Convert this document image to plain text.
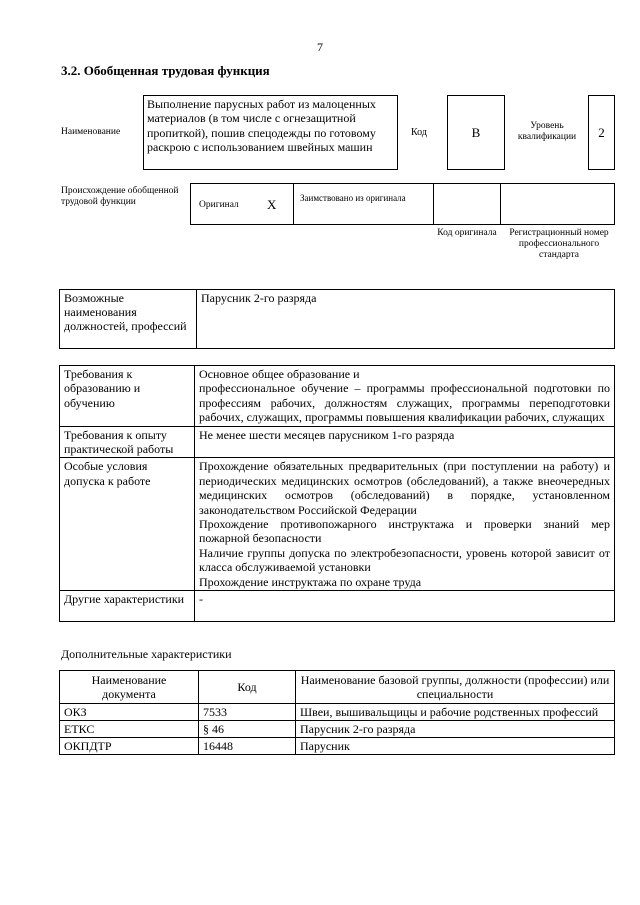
7
3.2. Обобщенная трудовая функция
Наименование
Выполнение парусных работ из малоценных материалов (в том числе с огнезащитной пропиткой), пошив спецодежды по готовому раскрою с использованием швейных машин
Код	В	Уровень квалификации	2
Происхождение обобщенной трудовой функции	Оригинал X	Заимствовано из оригинала
Код оригинала	Регистрационный номер профессионального стандарта
Возможные наименования должностей, профессий	Парусник 2-го разряда
Требования к образованию и обучению	Основное общее образование и
профессиональное обучение – программы профессиональной подготовки по профессиям рабочих, должностям служащих, программы переподготовки рабочих, служащих, программы повышения квалификации рабочих, служащих

Требования к опыту практической работы	Не менее шести месяцев парусником 1-го разряда

Особые условия допуска к работе	Прохождение обязательных предварительных (при поступлении на работу) и периодических медицинских осмотров (обследований), а также внеочередных медицинских осмотров (обследований) в порядке, установленном законодательством Российской Федерации
Прохождение противопожарного инструктажа и проверки знаний мер пожарной безопасности
Наличие группы допуска по электробезопасности, уровень которой зависит от класса обслуживаемой установки
Прохождение инструктажа по охране труда

Другие характеристики	-
Дополнительные характеристики
Наименование документа	Код	Наименование базовой группы, должности (профессии) или специальности
ОКЗ	7533	Швеи, вышивальщицы и рабочие родственных профессий
ЕТКС	§ 46	Парусник 2-го разряда
ОКПДТР	16448	Парусник
